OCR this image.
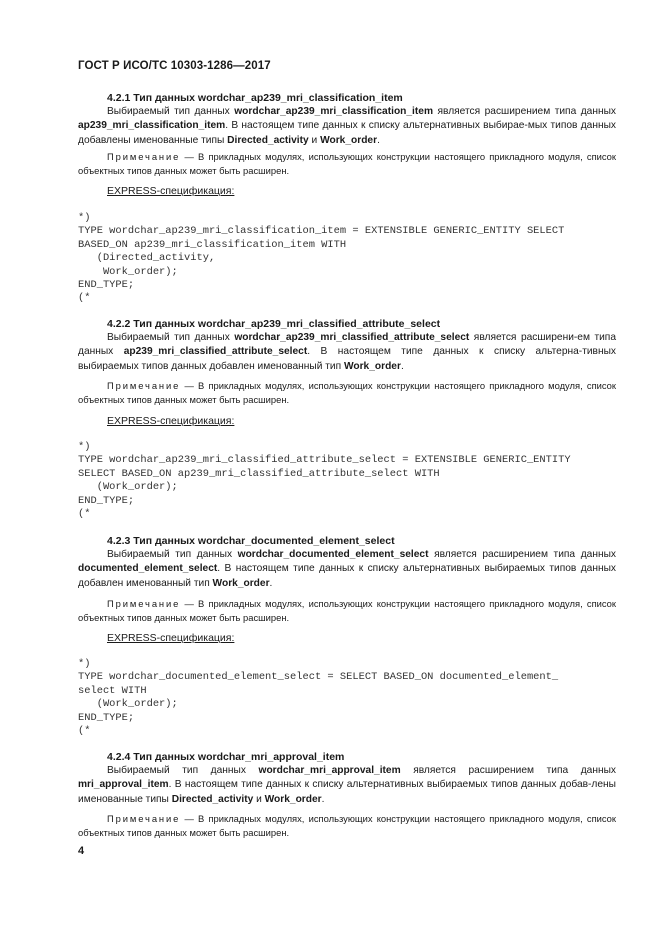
ГОСТ Р ИСО/ТС 10303-1286—2017
4.2.1 Тип данных wordchar_ap239_mri_classification_item

Выбираемый тип данных wordchar_ap239_mri_classification_item является расширением типа данных ap239_mri_classification_item. В настоящем типе данных к списку альтернативных выбирае-мых типов данных добавлены именованные типы Directed_activity и Work_order.

Примечание — В прикладных модулях, использующих конструкции настоящего прикладного модуля, список объектных типов данных может быть расширен.

EXPRESS-спецификация:
*)
TYPE wordchar_ap239_mri_classification_item = EXTENSIBLE GENERIC_ENTITY SELECT
BASED_ON ap239_mri_classification_item WITH
(Directed_activity,
Work_order);
END_TYPE;
(*
4.2.2 Тип данных wordchar_ap239_mri_classified_attribute_select

Выбираемый тип данных wordchar_ap239_mri_classified_attribute_select является расширени-ем типа данных ap239_mri_classified_attribute_select. В настоящем типе данных к списку альтерна-тивных выбираемых типов данных добавлен именованный тип Work_order.

Примечание — В прикладных модулях, использующих конструкции настоящего прикладного модуля, список объектных типов данных может быть расширен.

EXPRESS-спецификация:
*)
TYPE wordchar_ap239_mri_classified_attribute_select = EXTENSIBLE GENERIC_ENTITY
SELECT BASED_ON ap239_mri_classified_attribute_select WITH
(Work_order);
END_TYPE;
(*
4.2.3 Тип данных wordchar_documented_element_select

Выбираемый тип данных wordchar_documented_element_select является расширением типа данных documented_element_select. В настоящем типе данных к списку альтернативных выбираемых типов данных добавлен именованный тип Work_order.

Примечание — В прикладных модулях, использующих конструкции настоящего прикладного модуля, список объектных типов данных может быть расширен.

EXPRESS-спецификация:
*)
TYPE wordchar_documented_element_select = SELECT BASED_ON documented_element_
select WITH
(Work_order);
END_TYPE;
(*
4.2.4 Тип данных wordchar_mri_approval_item

Выбираемый тип данных wordchar_mri_approval_item является расширением типа данных mri_approval_item. В настоящем типе данных к списку альтернативных выбираемых типов данных добав-лены именованные типы Directed_activity и Work_order.

Примечание — В прикладных модулях, использующих конструкции настоящего прикладного модуля, список объектных типов данных может быть расширен.

4
